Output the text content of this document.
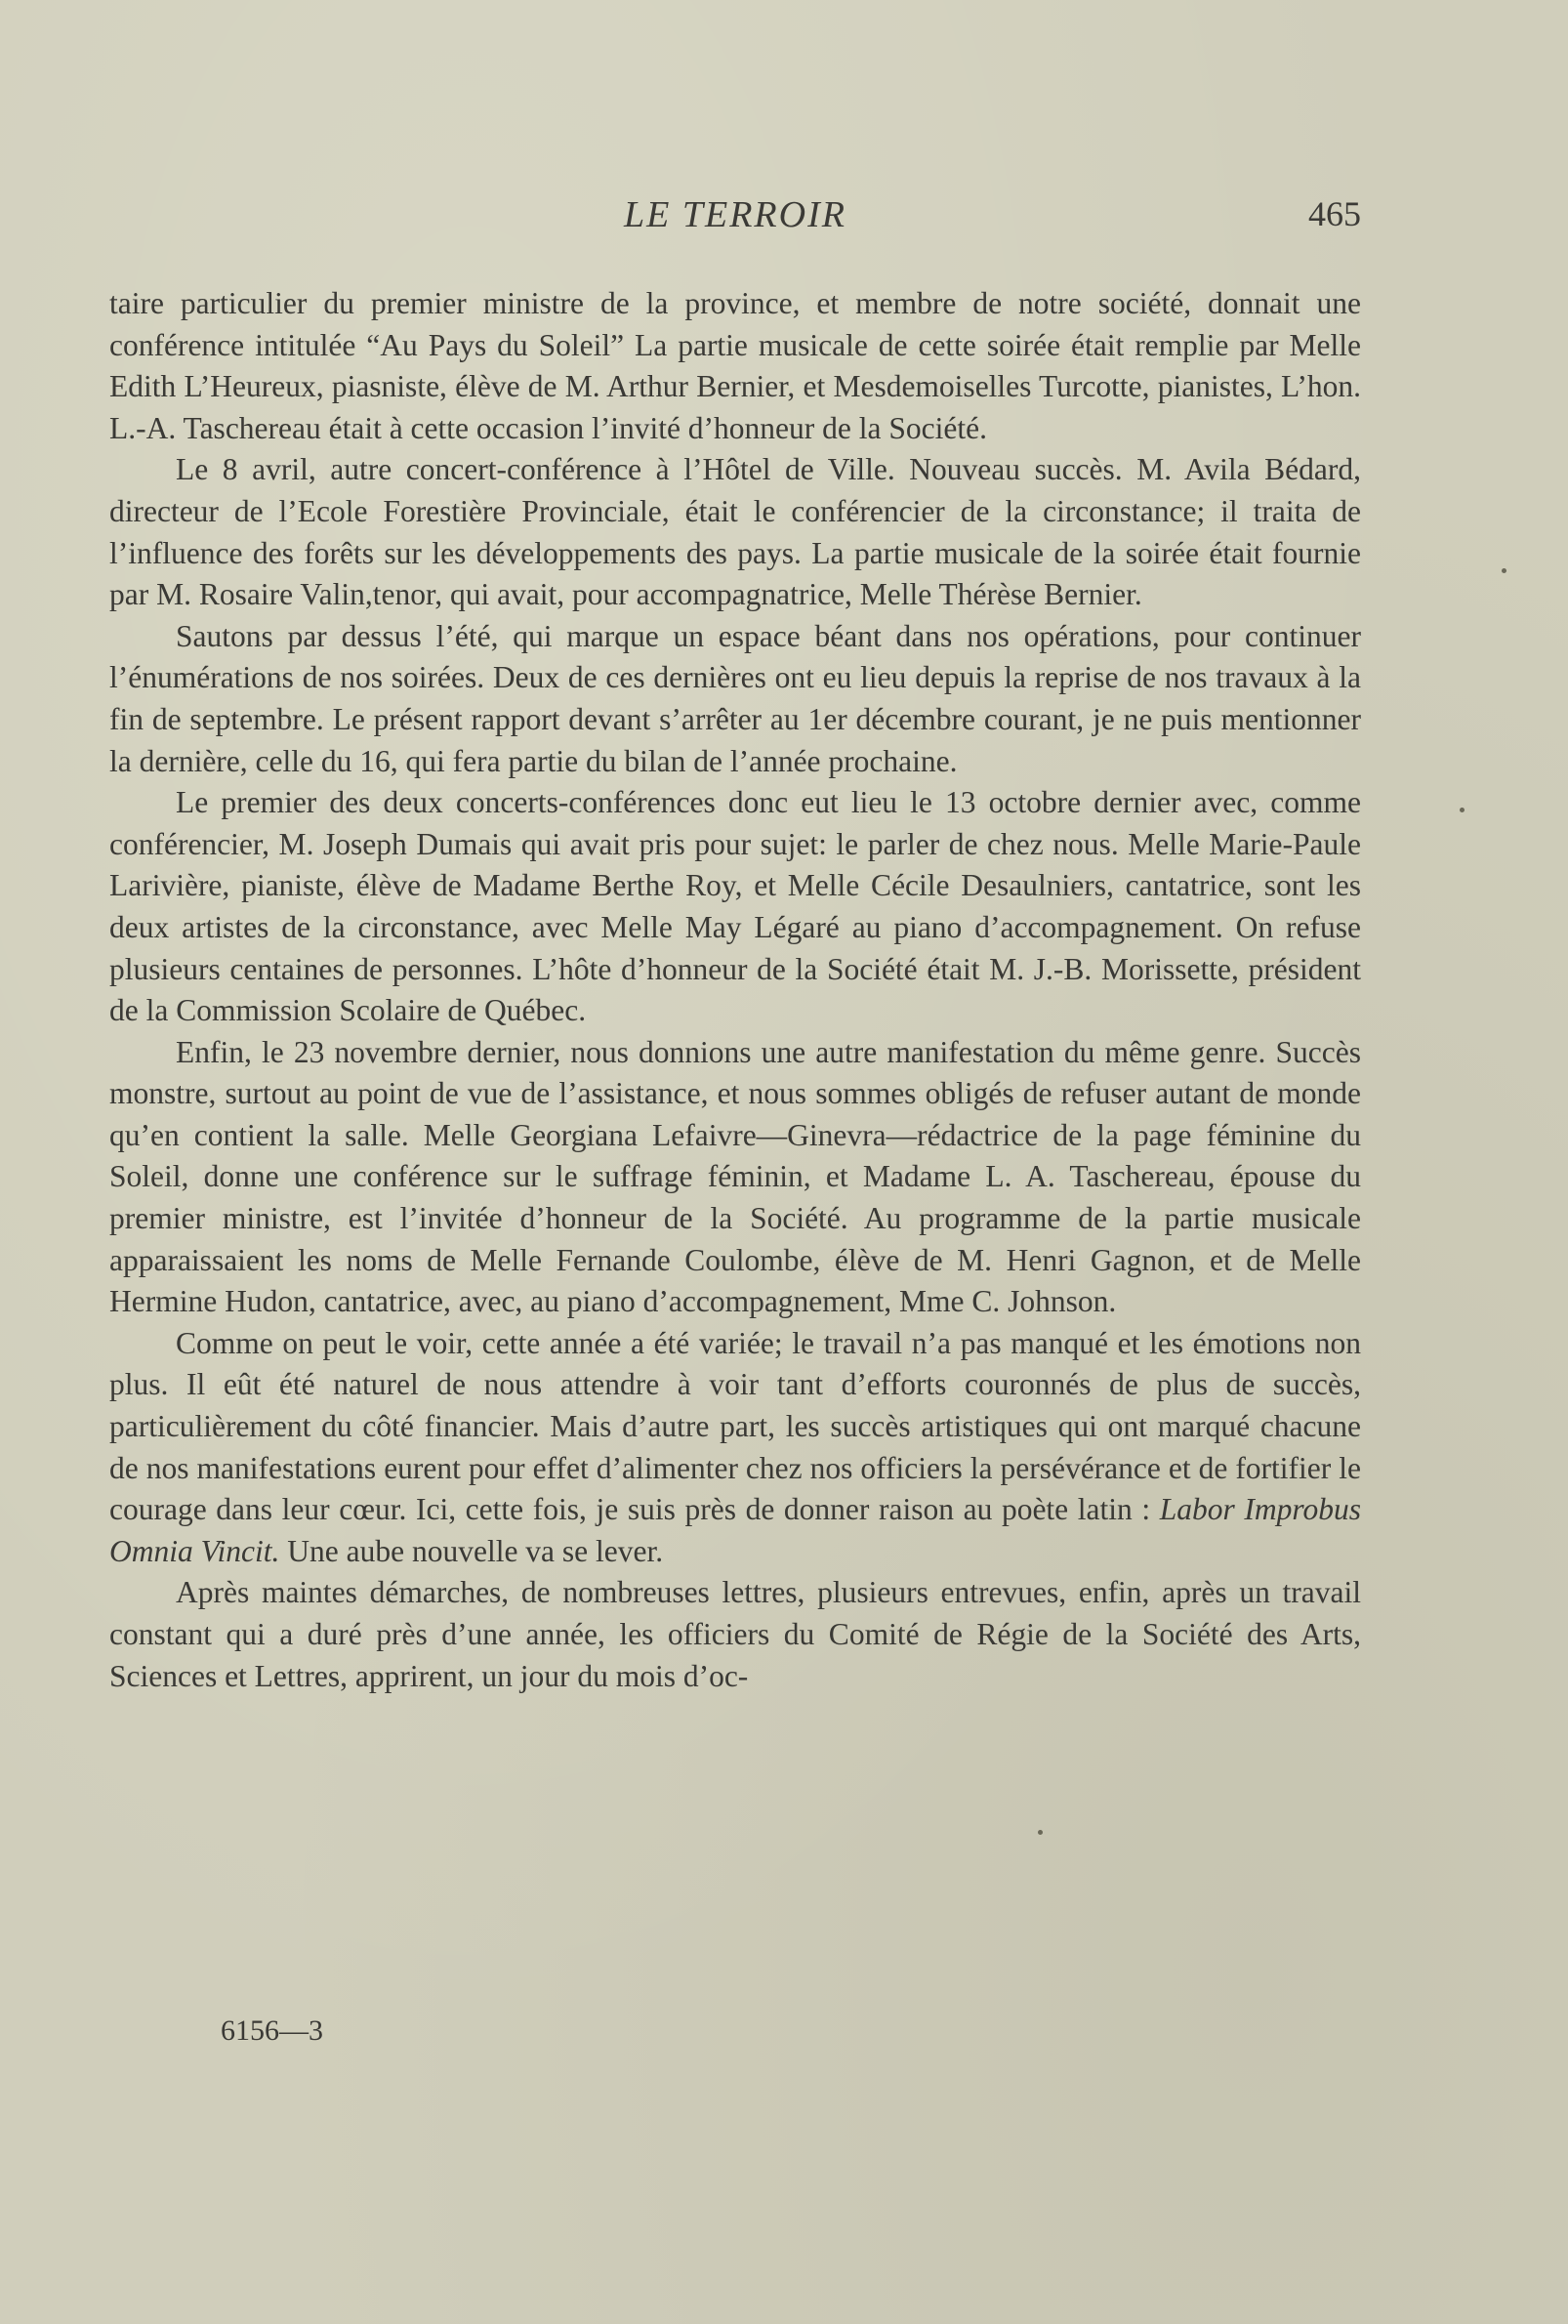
LE TERROIR	465

taire particulier du premier ministre de la province, et membre de notre société, donnait une conférence intitulée “Au Pays du Soleil” La partie musicale de cette soirée était remplie par Melle Edith L’Heureux, piasniste, élève de M. Arthur Bernier, et Mesdemoiselles Turcotte, pianistes, L’hon. L.-A. Taschereau était à cette occasion l’invité d’honneur de la Société.

Le 8 avril, autre concert-conférence à l’Hôtel de Ville. Nouveau succès. M. Avila Bédard, directeur de l’Ecole Forestière Provinciale, était le conférencier de la circonstance; il traita de l’influence des forêts sur les développements des pays. La partie musicale de la soirée était fournie par M. Rosaire Valin,tenor, qui avait, pour accompagnatrice, Melle Thérèse Bernier.

Sautons par dessus l’été, qui marque un espace béant dans nos opérations, pour continuer l’énumérations de nos soirées. Deux de ces dernières ont eu lieu depuis la reprise de nos travaux à la fin de septembre. Le présent rapport devant s’arrêter au 1er décembre courant, je ne puis mentionner la dernière, celle du 16, qui fera partie du bilan de l’année prochaine.

Le premier des deux concerts-conférences donc eut lieu le 13 octobre dernier avec, comme conférencier, M. Joseph Dumais qui avait pris pour sujet: le parler de chez nous. Melle Marie-Paule Larivière, pianiste, élève de Madame Berthe Roy, et Melle Cécile Desaulniers, cantatrice, sont les deux artistes de la circonstance, avec Melle May Légaré au piano d’accompagnement. On refuse plusieurs centaines de personnes. L’hôte d’honneur de la Société était M. J.-B. Morissette, président de la Commission Scolaire de Québec.

Enfin, le 23 novembre dernier, nous donnions une autre manifestation du même genre. Succès monstre, surtout au point de vue de l’assistance, et nous sommes obligés de refuser autant de monde qu’en contient la salle. Melle Georgiana Lefaivre—Ginevra—rédactrice de la page féminine du Soleil, donne une conférence sur le suffrage féminin, et Madame L. A. Taschereau, épouse du premier ministre, est l’invitée d’honneur de la Société. Au programme de la partie musicale apparaissaient les noms de Melle Fernande Coulombe, élève de M. Henri Gagnon, et de Melle Hermine Hudon, cantatrice, avec, au piano d’accompagnement, Mme C. Johnson.

Comme on peut le voir, cette année a été variée; le travail n’a pas manqué et les émotions non plus. Il eût été naturel de nous attendre à voir tant d’efforts couronnés de plus de succès, particulièrement du côté financier. Mais d’autre part, les succès artistiques qui ont marqué chacune de nos manifestations eurent pour effet d’alimenter chez nos officiers la persévérance et de fortifier le courage dans leur cœur. Ici, cette fois, je suis près de donner raison au poète latin : Labor Improbus Omnia Vincit. Une aube nouvelle va se lever.

Après maintes démarches, de nombreuses lettres, plusieurs entrevues, enfin, après un travail constant qui a duré près d’une année, les officiers du Comité de Régie de la Société des Arts, Sciences et Lettres, apprirent, un jour du mois d’oc-

6156—3
